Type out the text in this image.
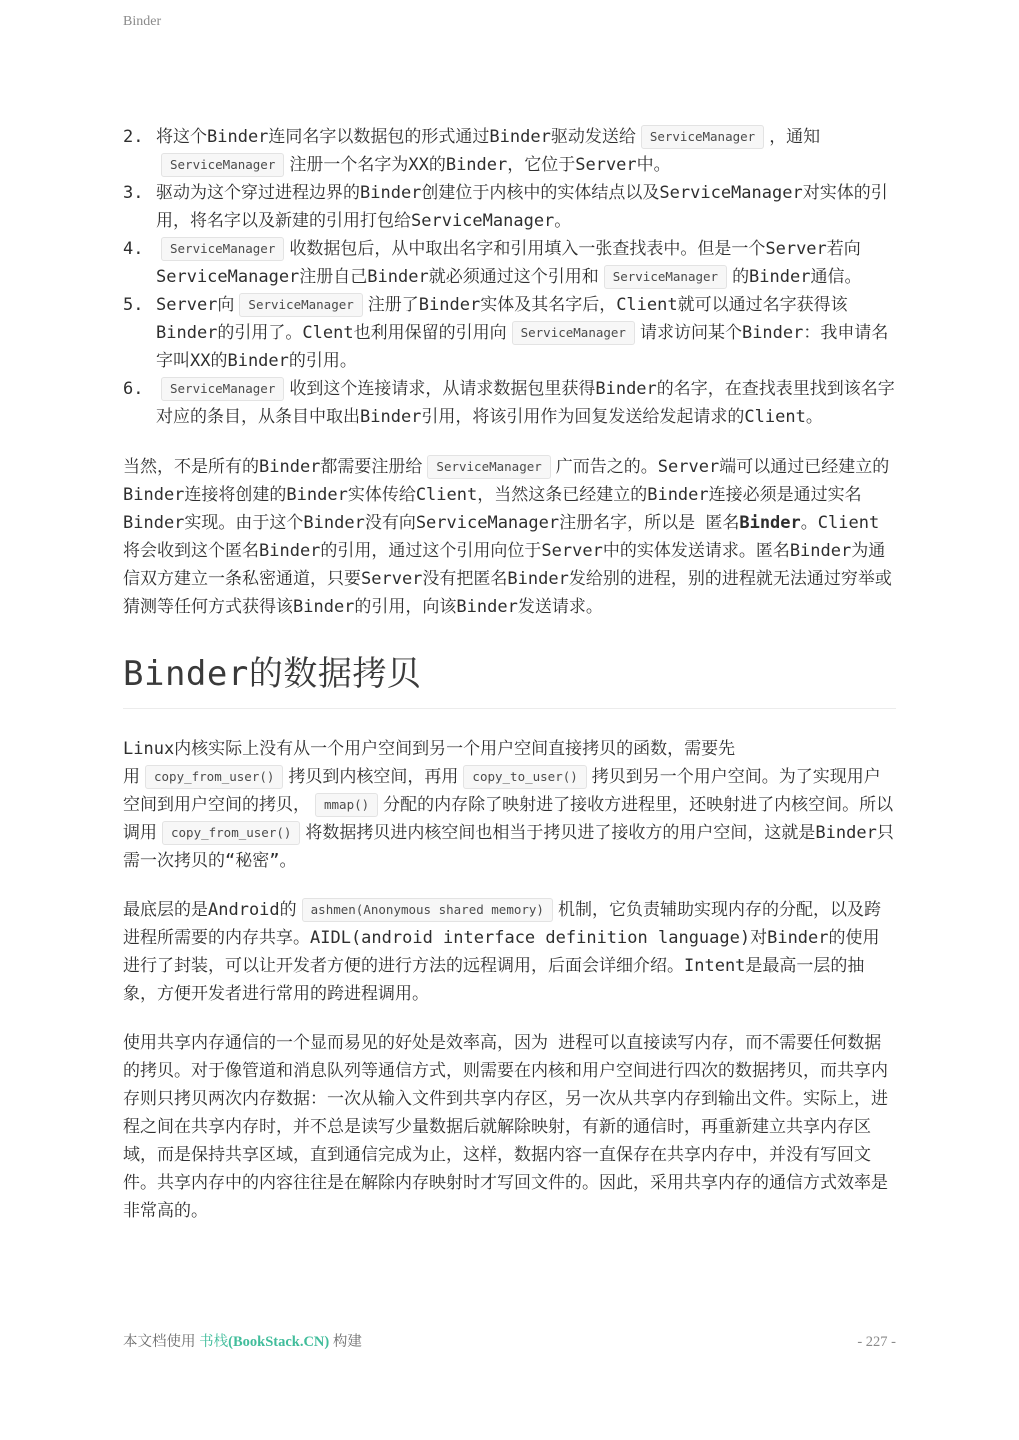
Binder
2. 将这个Binder连同名字以数据包的形式通过Binder驱动发送给 ServiceManager ，通知ServiceManager 注册一个名字为XX的Binder，它位于Server中。
3. 驱动为这个穿过进程边界的Binder创建位于内核中的实体结点以及ServiceManager对实体的引用，将名字以及新建的引用打包给ServiceManager。
4.	ServiceManager 收数据包后，从中取出名字和引用填入一张查找表中。但是一个Server若向ServiceManager注册自己Binder就必须通过这个引用和 ServiceManager 的Binder通信。
5. Server向 ServiceManager 注册了Binder实体及其名字后，Client就可以通过名字获得该Binder的引用了。Clent也利用保留的引用向 ServiceManager 请求访问某个Binder：我申请名字叫XX的Binder的引用。
6.	ServiceManager 收到这个连接请求，从请求数据包里获得Binder的名字，在查找表里找到该名字对应的条目，从条目中取出Binder引用，将该引用作为回复发送给发起请求的Client。

当然，不是所有的Binder都需要注册给 ServiceManager 广而告之的。Server端可以通过已经建立的Binder连接将创建的Binder实体传给Client，当然这条已经建立的Binder连接必须是通过实名Binder实现。由于这个Binder没有向ServiceManager注册名字，所以是 匿名Binder。Client将会收到这个匿名Binder的引用，通过这个引用向位于Server中的实体发送请求。匿名Binder为通信双方建立一条私密通道，只要Server没有把匿名Binder发给别的进程，别的进程就无法通过穷举或猜测等任何方式获得该Binder的引用，向该Binder发送请求。

Binder的数据拷贝

Linux内核实际上没有从一个用户空间到另一个用户空间直接拷贝的函数，需要先
用 copy_from_user() 拷贝到内核空间，再用 copy_to_user() 拷贝到另一个用户空间。为了实现用户空间到用户空间的拷贝， mmap() 分配的内存除了映射进了接收方进程里，还映射进了内核空间。所以调用 copy_from_user() 将数据拷贝进内核空间也相当于拷贝进了接收方的用户空间，这就是Binder只需一次拷贝的“秘密”。

最底层的是Android的 ashmen(Anonymous shared memory) 机制，它负责辅助实现内存的分配，以及跨进程所需要的内存共享。AIDL(android interface definition language)对Binder的使用进行了封装，可以让开发者方便的进行方法的远程调用，后面会详细介绍。Intent是最高一层的抽象，方便开发者进行常用的跨进程调用。

使用共享内存通信的一个显而易见的好处是效率高，因为 进程可以直接读写内存，而不需要任何数据的拷贝。对于像管道和消息队列等通信方式，则需要在内核和用户空间进行四次的数据拷贝，而共享内存则只拷贝两次内存数据：一次从输入文件到共享内存区，另一次从共享内存到输出文件。实际上，进程之间在共享内存时，并不总是读写少量数据后就解除映射，有新的通信时，再重新建立共享内存区域，而是保持共享区域，直到通信完成为止，这样，数据内容一直保存在共享内存中，并没有写回文件。共享内存中的内容往往是在解除内存映射时才写回文件的。因此，采用共享内存的通信方式效率是非常高的。

本文档使用 书栈(BookStack.CN) 构建	- 227 -
